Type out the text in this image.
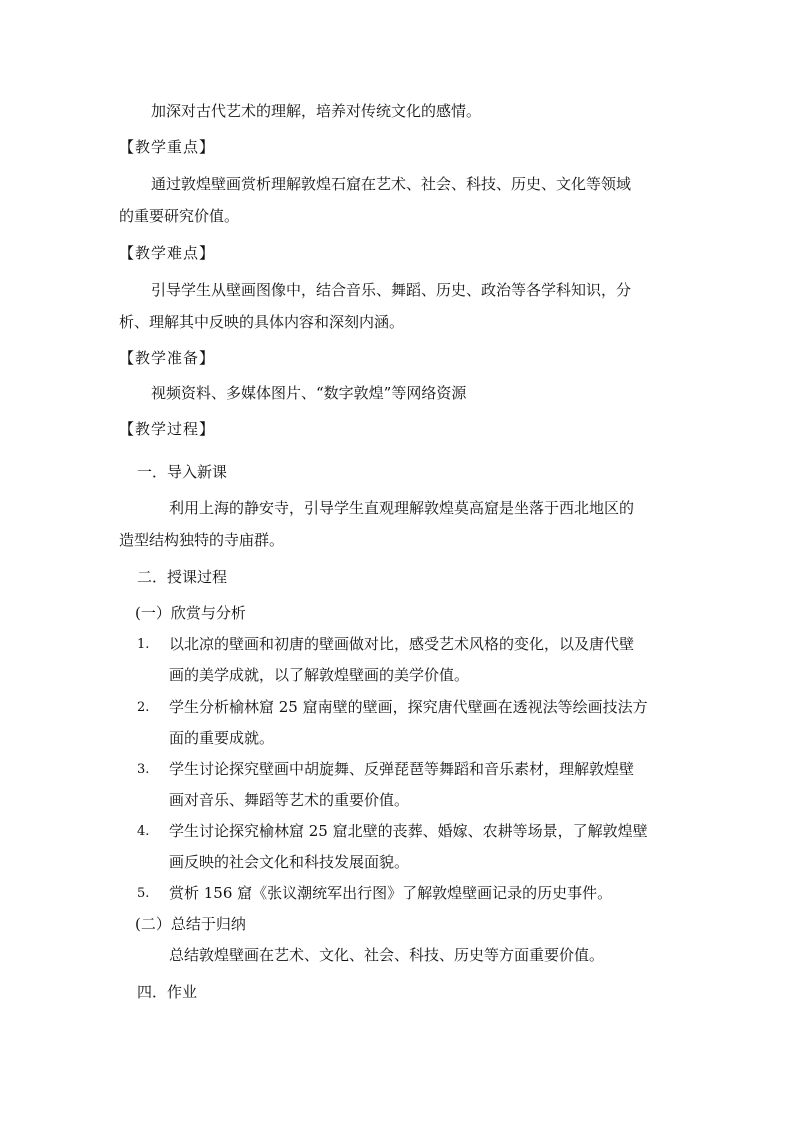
加深对古代艺术的理解，培养对传统文化的感情。
【教学重点】
通过敦煌壁画赏析理解敦煌石窟在艺术、社会、科技、历史、文化等领域
的重要研究价值。
【教学难点】
引导学生从壁画图像中，结合音乐、舞蹈、历史、政治等各学科知识，分
析、理解其中反映的具体内容和深刻内涵。
【教学准备】
视频资料、多媒体图片、“数字敦煌”等网络资源
【教学过程】
一．导入新课
利用上海的静安寺，引导学生直观理解敦煌莫高窟是坐落于西北地区的
造型结构独特的寺庙群。
二．授课过程
(一）欣赏与分析
1. 以北凉的壁画和初唐的壁画做对比，感受艺术风格的变化，以及唐代壁
画的美学成就，以了解敦煌壁画的美学价值。
2. 学生分析榆林窟 25 窟南壁的壁画，探究唐代壁画在透视法等绘画技法方
面的重要成就。
3. 学生讨论探究壁画中胡旋舞、反弹琵琶等舞蹈和音乐素材，理解敦煌壁
画对音乐、舞蹈等艺术的重要价值。
4. 学生讨论探究榆林窟 25 窟北壁的丧葬、婚嫁、农耕等场景，了解敦煌壁
画反映的社会文化和科技发展面貌。
5. 赏析 156 窟《张议潮统军出行图》了解敦煌壁画记录的历史事件。
(二）总结于归纳
总结敦煌壁画在艺术、文化、社会、科技、历史等方面重要价值。
四．作业
